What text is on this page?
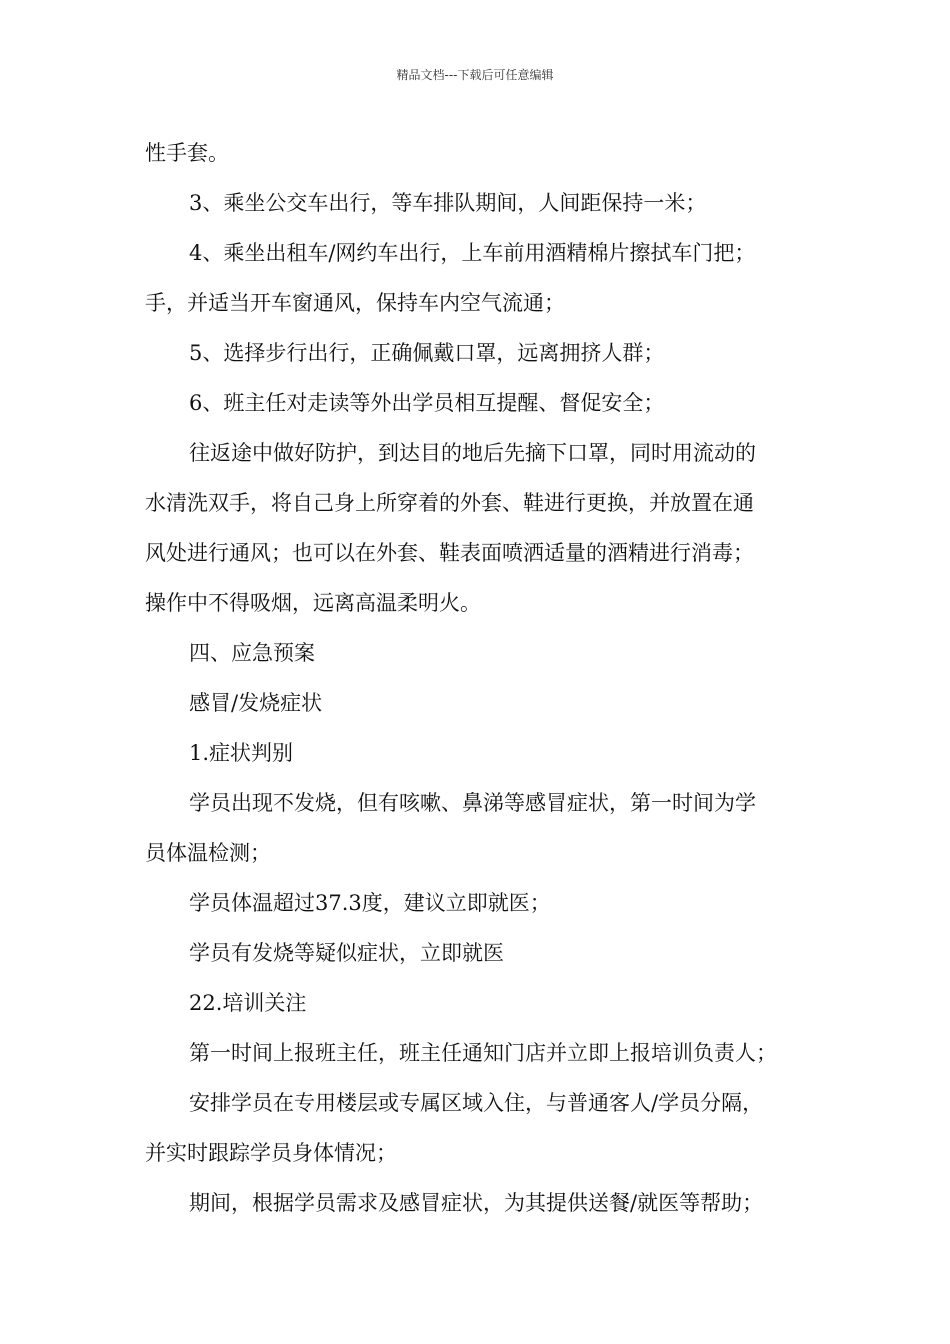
精品文档---下载后可任意编辑

性手套。

3、乘坐公交车出行，等车排队期间，人间距保持一米；

4、乘坐出租车/网约车出行，上车前用酒精棉片擦拭车门把；

手，并适当开车窗通风，保持车内空气流通；

5、选择步行出行，正确佩戴口罩，远离拥挤人群；

6、班主任对走读等外出学员相互提醒、督促安全；

往返途中做好防护，到达目的地后先摘下口罩，同时用流动的

水清洗双手，将自己身上所穿着的外套、鞋进行更换，并放置在通

风处进行通风；也可以在外套、鞋表面喷洒适量的酒精进行消毒；

操作中不得吸烟，远离高温柔明火。

四、应急预案

感冒/发烧症状

1.症状判别

学员出现不发烧，但有咳嗽、鼻涕等感冒症状，第一时间为学

员体温检测；

学员体温超过37.3度，建议立即就医；

学员有发烧等疑似症状，立即就医

22.培训关注

第一时间上报班主任，班主任通知门店并立即上报培训负责人；

安排学员在专用楼层或专属区域入住，与普通客人/学员分隔，

并实时跟踪学员身体情况；

期间，根据学员需求及感冒症状，为其提供送餐/就医等帮助；
